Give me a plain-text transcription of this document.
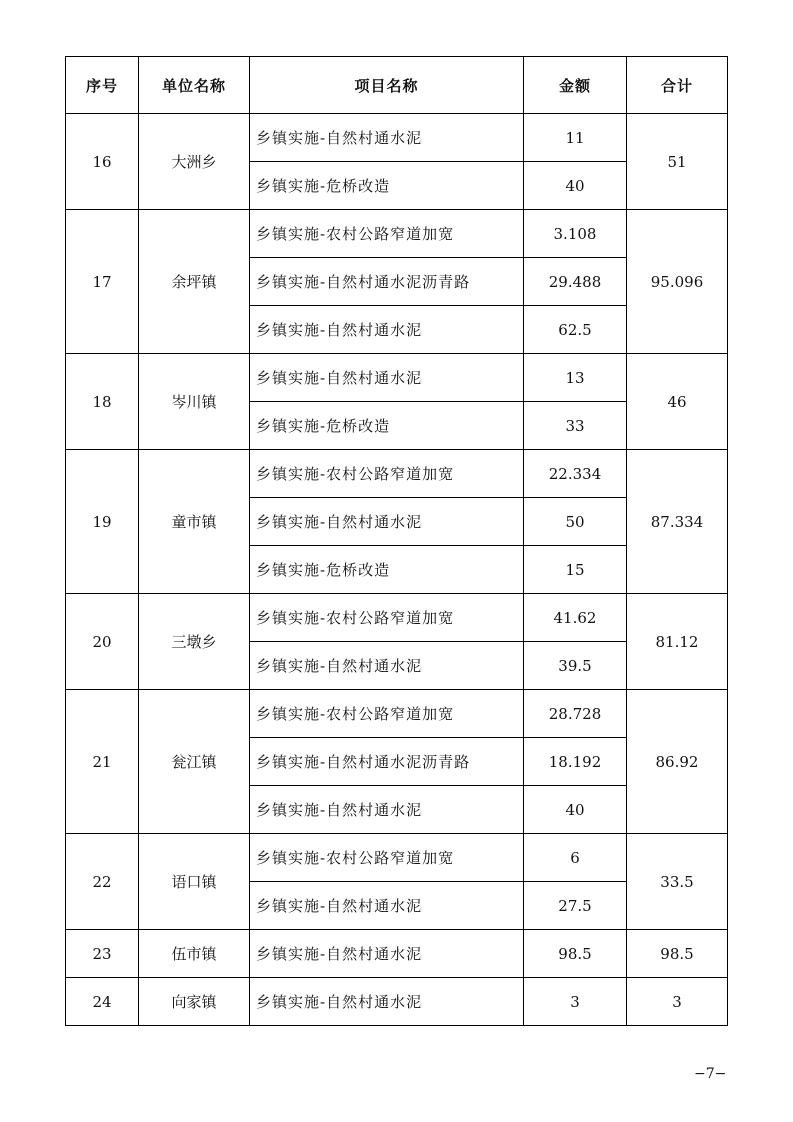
序号	单位名称	项目名称	金额	合计
16	大洲乡	乡镇实施-自然村通水泥	11	51
		乡镇实施-危桥改造	40	
17	余坪镇	乡镇实施-农村公路窄道加宽	3.108	95.096
		乡镇实施-自然村通水泥沥青路	29.488	
		乡镇实施-自然村通水泥	62.5	
18	岑川镇	乡镇实施-自然村通水泥	13	46
		乡镇实施-危桥改造	33	
19	童市镇	乡镇实施-农村公路窄道加宽	22.334	87.334
		乡镇实施-自然村通水泥	50	
		乡镇实施-危桥改造	15	
20	三墩乡	乡镇实施-农村公路窄道加宽	41.62	81.12
		乡镇实施-自然村通水泥	39.5	
21	瓮江镇	乡镇实施-农村公路窄道加宽	28.728	86.92
		乡镇实施-自然村通水泥沥青路	18.192	
		乡镇实施-自然村通水泥	40	
22	语口镇	乡镇实施-农村公路窄道加宽	6	33.5
		乡镇实施-自然村通水泥	27.5	
23	伍市镇	乡镇实施-自然村通水泥	98.5	98.5
24	向家镇	乡镇实施-自然村通水泥	3	3
−7−
